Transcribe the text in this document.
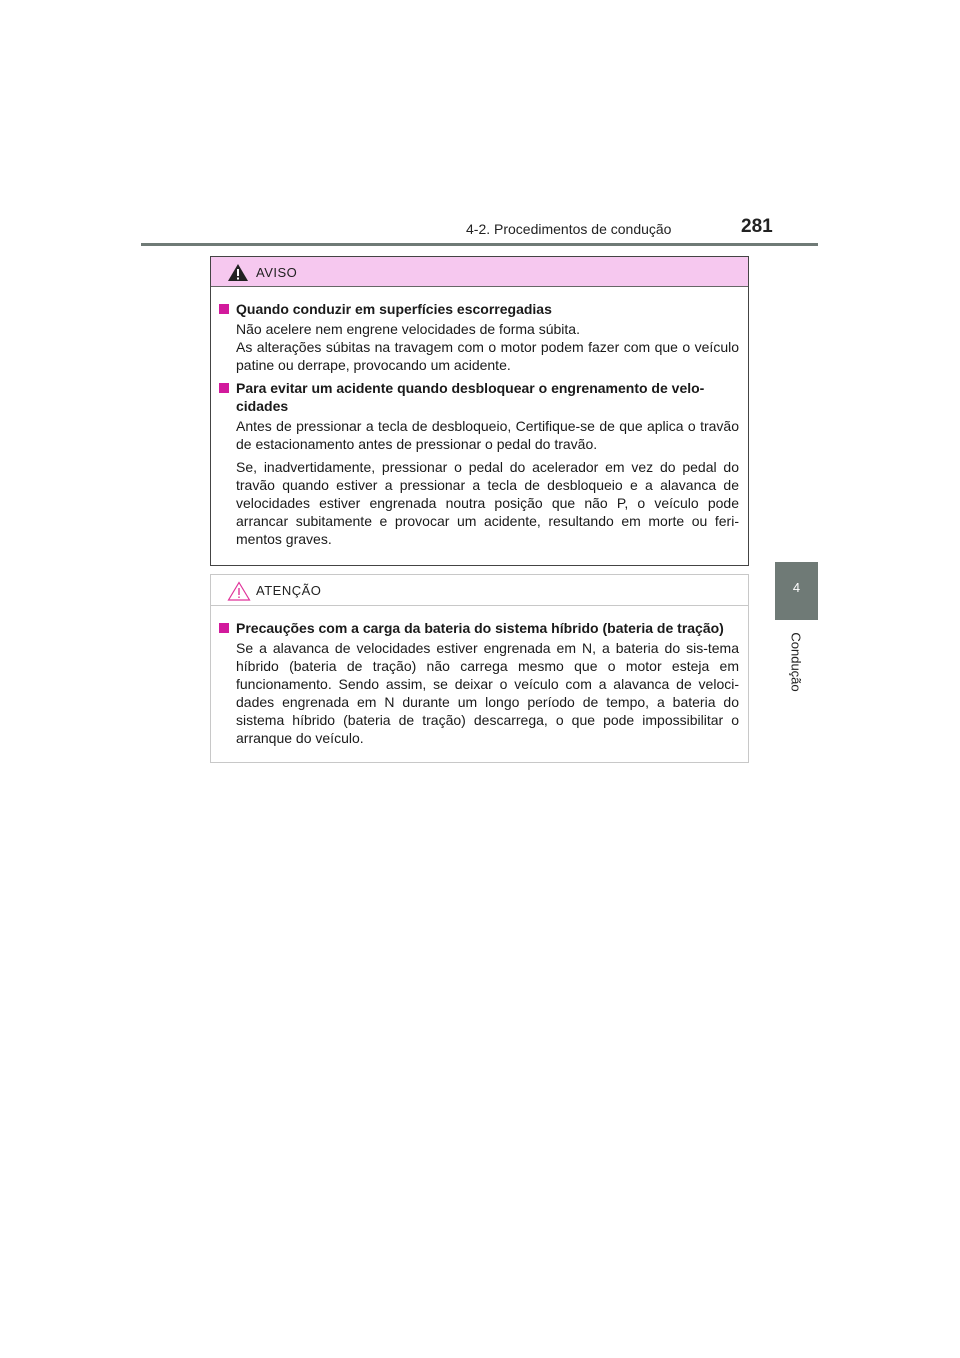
4-2. Procedimentos de condução	281
4
Condução
AVISO
Quando conduzir em superfícies escorregadias
Não acelere nem engrene velocidades de forma súbita.
As alterações súbitas na travagem com o motor podem fazer com que o veículo patine ou derrape, provocando um acidente.
Para evitar um acidente quando desbloquear o engrenamento de velo-cidades
Antes de pressionar a tecla de desbloqueio, Certifique-se de que aplica o travão de estacionamento antes de pressionar o pedal do travão.
Se, inadvertidamente, pressionar o pedal do acelerador em vez do pedal do travão quando estiver a pressionar a tecla de desbloqueio e a alavanca de velocidades estiver engrenada noutra posição que não P, o veículo pode arrancar subitamente e provocar um acidente, resultando em morte ou feri-mentos graves.
ATENÇÃO
Precauções com a carga da bateria do sistema híbrido (bateria de tração)
Se a alavanca de velocidades estiver engrenada em N, a bateria do sis-tema híbrido (bateria de tração) não carrega mesmo que o motor esteja em funcionamento. Sendo assim, se deixar o veículo com a alavanca de veloci-dades engrenada em N durante um longo período de tempo, a bateria do sistema híbrido (bateria de tração) descarrega, o que pode impossibilitar o arranque do veículo.
